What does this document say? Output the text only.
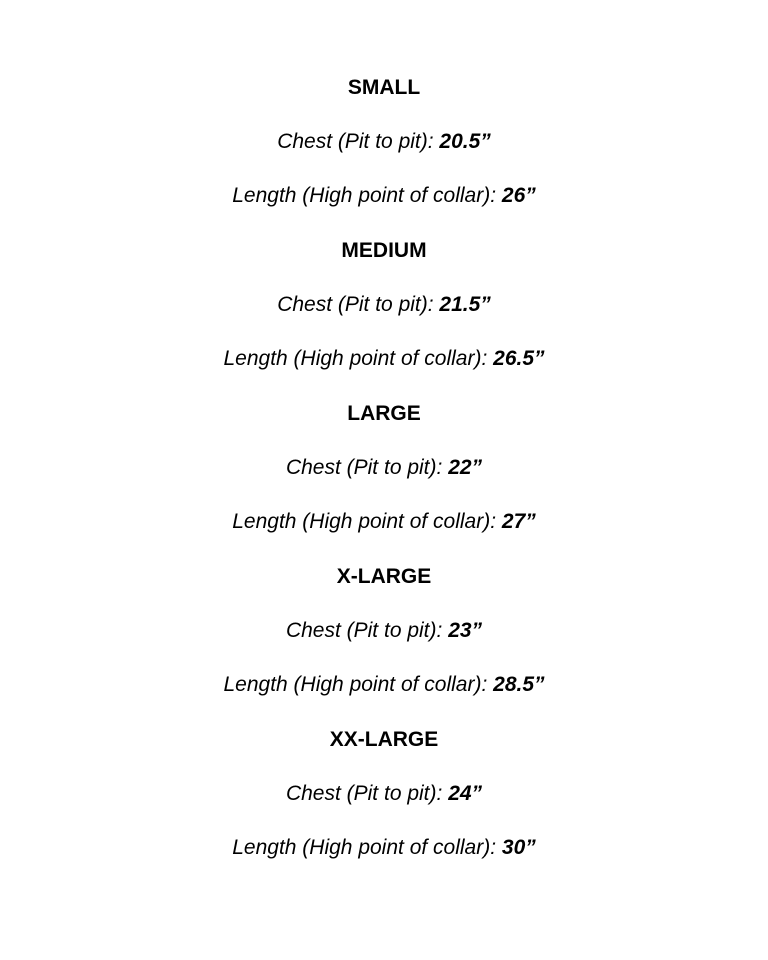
SMALL
Chest (Pit to pit): 20.5”
Length (High point of collar): 26”
MEDIUM
Chest (Pit to pit): 21.5”
Length (High point of collar): 26.5”
LARGE
Chest (Pit to pit): 22”
Length (High point of collar): 27”
X-LARGE
Chest (Pit to pit): 23”
Length (High point of collar): 28.5”
XX-LARGE
Chest (Pit to pit): 24”
Length (High point of collar): 30”
